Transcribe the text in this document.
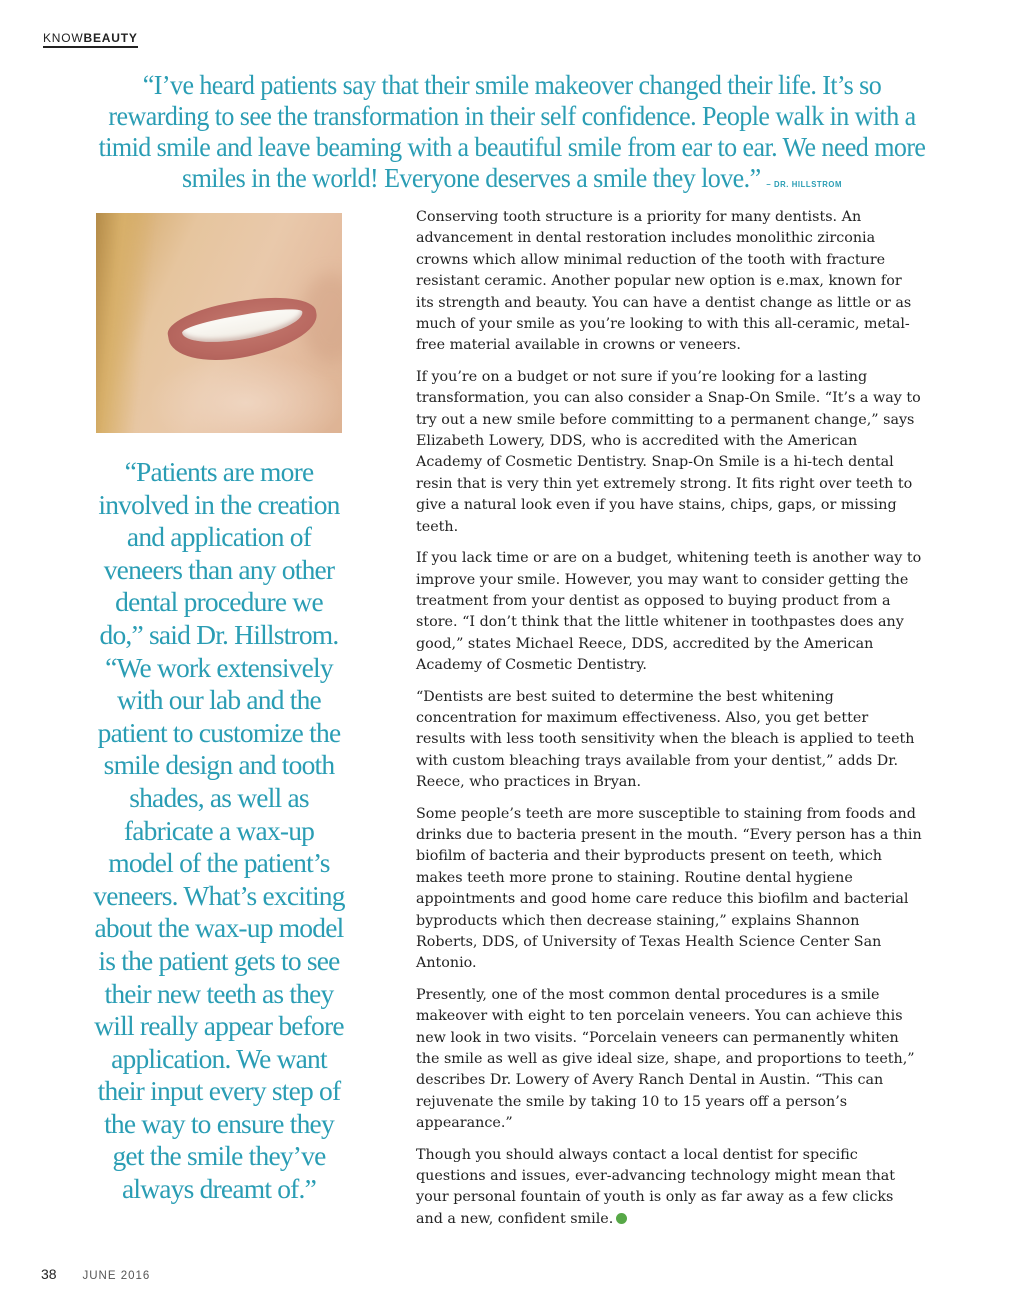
KNOWBEAUTY
“I’ve heard patients say that their smile makeover changed their life. It’s so rewarding to see the transformation in their self confidence. People walk in with a timid smile and leave beaming with a beautiful smile from ear to ear. We need more smiles in the world! Everyone deserves a smile they love.” – DR. HILLSTROM
“Patients are more involved in the creation and application of veneers than any other dental procedure we do,” said Dr. Hillstrom. “We work extensively with our lab and the patient to customize the smile design and tooth shades, as well as fabricate a wax-up model of the patient’s veneers. What’s exciting about the wax-up model is the patient gets to see their new teeth as they will really appear before application. We want their input every step of the way to ensure they get the smile they’ve always dreamt of.”

Conserving tooth structure is a priority for many dentists. An advancement in dental restoration includes monolithic zirconia crowns which allow minimal reduction of the tooth with fracture resistant ceramic. Another popular new option is e.max, known for its strength and beauty. You can have a dentist change as little or as much of your smile as you’re looking to with this all-ceramic, metal-free material available in crowns or veneers.

If you’re on a budget or not sure if you’re looking for a lasting transformation, you can also consider a Snap-On Smile. “It’s a way to try out a new smile before committing to a permanent change,” says Elizabeth Lowery, DDS, who is accredited with the American Academy of Cosmetic Dentistry. Snap-On Smile is a hi-tech dental resin that is very thin yet extremely strong. It fits right over teeth to give a natural look even if you have stains, chips, gaps, or missing teeth.

If you lack time or are on a budget, whitening teeth is another way to improve your smile. However, you may want to consider getting the treatment from your dentist as opposed to buying product from a store. “I don’t think that the little whitener in toothpastes does any good,” states Michael Reece, DDS, accredited by the American Academy of Cosmetic Dentistry.

“Dentists are best suited to determine the best whitening concentration for maximum effectiveness. Also, you get better results with less tooth sensitivity when the bleach is applied to teeth with custom bleaching trays available from your dentist,” adds Dr. Reece, who practices in Bryan.

Some people’s teeth are more susceptible to staining from foods and drinks due to bacteria present in the mouth. “Every person has a thin biofilm of bacteria and their byproducts present on teeth, which makes teeth more prone to staining. Routine dental hygiene appointments and good home care reduce this biofilm and bacterial byproducts which then decrease staining,” explains Shannon Roberts, DDS, of University of Texas Health Science Center San Antonio.

Presently, one of the most common dental procedures is a smile makeover with eight to ten porcelain veneers. You can achieve this new look in two visits. “Porcelain veneers can permanently whiten the smile as well as give ideal size, shape, and proportions to teeth,” describes Dr. Lowery of Avery Ranch Dental in Austin. “This can rejuvenate the smile by taking 10 to 15 years off a person’s appearance.”

Though you should always contact a local dentist for specific questions and issues, ever-advancing technology might mean that your personal fountain of youth is only as far away as a few clicks and a new, confident smile.

38 JUNE 2016
